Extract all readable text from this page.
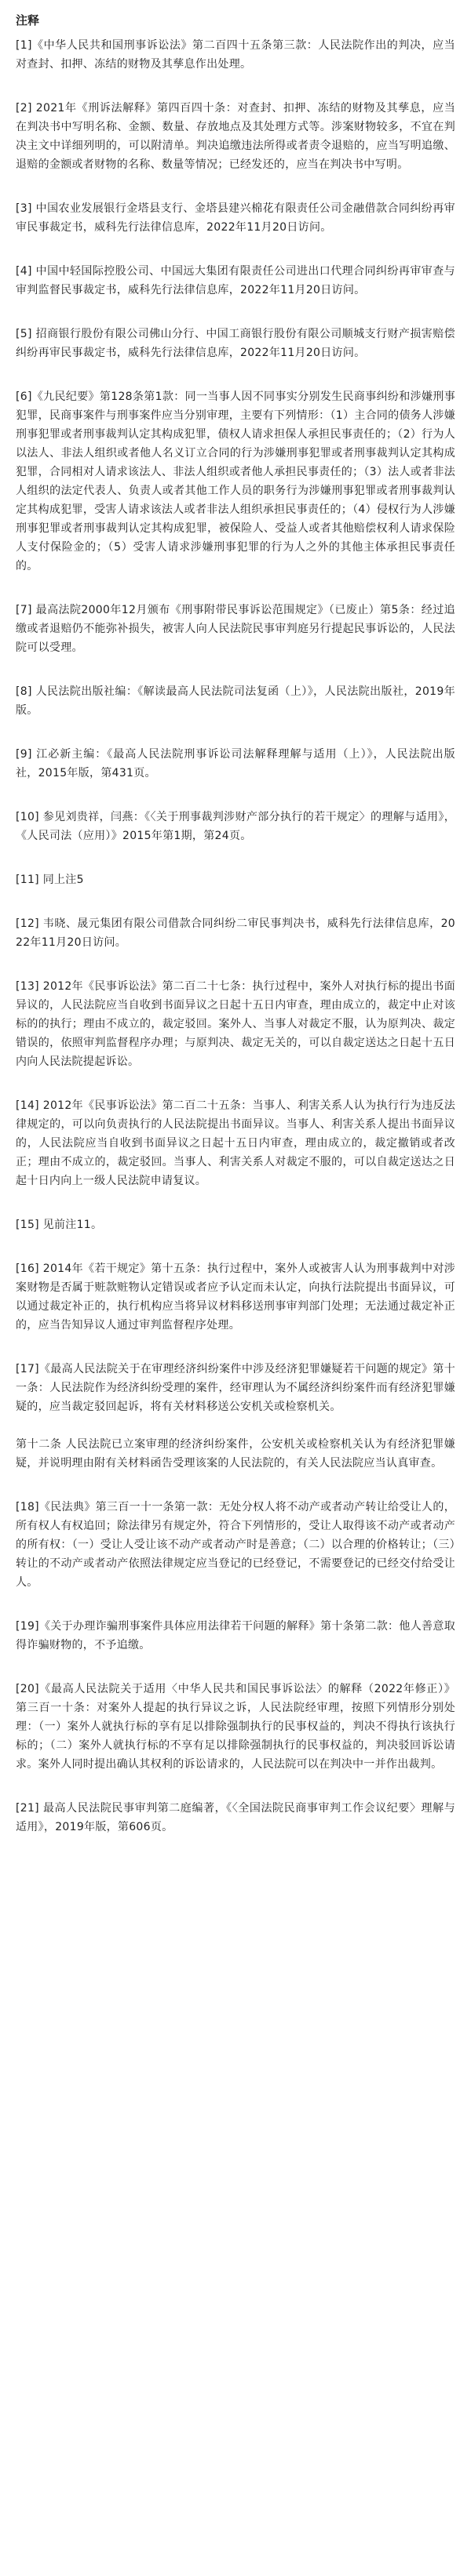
注释

[1]《中华人民共和国刑事诉讼法》第二百四十五条第三款：人民法院作出的判决，应当对查封、扣押、冻结的财物及其孳息作出处理。

[2] 2021年《刑诉法解释》第四百四十条：对查封、扣押、冻结的财物及其孳息，应当在判决书中写明名称、金额、数量、存放地点及其处理方式等。涉案财物较多，不宜在判决主文中详细列明的，可以附清单。判决追缴违法所得或者责令退赔的，应当写明追缴、退赔的金额或者财物的名称、数量等情况；已经发还的，应当在判决书中写明。

[3] 中国农业发展银行金塔县支行、金塔县建兴棉花有限责任公司金融借款合同纠纷再审审民事裁定书，威科先行法律信息库，2022年11月20日访问。

[4] 中国中轻国际控股公司、中国远大集团有限责任公司进出口代理合同纠纷再审审查与审判监督民事裁定书，威科先行法律信息库，2022年11月20日访问。

[5] 招商银行股份有限公司佛山分行、中国工商银行股份有限公司顺城支行财产损害赔偿纠纷再审民事裁定书，威科先行法律信息库，2022年11月20日访问。

[6]《九民纪要》第128条第1款：同一当事人因不同事实分别发生民商事纠纷和涉嫌刑事犯罪，民商事案件与刑事案件应当分别审理，主要有下列情形：（1）主合同的债务人涉嫌刑事犯罪或者刑事裁判认定其构成犯罪，债权人请求担保人承担民事责任的；（2）行为人以法人、非法人组织或者他人名义订立合同的行为涉嫌刑事犯罪或者刑事裁判认定其构成犯罪，合同相对人请求该法人、非法人组织或者他人承担民事责任的；（3）法人或者非法人组织的法定代表人、负责人或者其他工作人员的职务行为涉嫌刑事犯罪或者刑事裁判认定其构成犯罪，受害人请求该法人或者非法人组织承担民事责任的；（4）侵权行为人涉嫌刑事犯罪或者刑事裁判认定其构成犯罪，被保险人、受益人或者其他赔偿权利人请求保险人支付保险金的；（5）受害人请求涉嫌刑事犯罪的行为人之外的其他主体承担民事责任的。

[7] 最高法院2000年12月颁布《刑事附带民事诉讼范围规定》（已废止）第5条：经过追缴或者退赔仍不能弥补损失，被害人向人民法院民事审判庭另行提起民事诉讼的，人民法院可以受理。

[8] 人民法院出版社编：《解读最高人民法院司法复函（上）》，人民法院出版社，2019年版。

[9] 江必新主编：《最高人民法院刑事诉讼司法解释理解与适用（上）》，人民法院出版社，2015年版，第431页。

[10] 参见刘贵祥，闫燕：《〈关于刑事裁判涉财产部分执行的若干规定〉的理解与适用》，《人民司法（应用）》2015年第1期，第24页。

[11] 同上注5

[12] 韦晓、晟元集团有限公司借款合同纠纷二审民事判决书，威科先行法律信息库，2022年11月20日访问。

[13] 2012年《民事诉讼法》第二百二十七条：执行过程中，案外人对执行标的提出书面异议的，人民法院应当自收到书面异议之日起十五日内审查，理由成立的，裁定中止对该标的的执行；理由不成立的，裁定驳回。案外人、当事人对裁定不服，认为原判决、裁定错误的，依照审判监督程序办理；与原判决、裁定无关的，可以自裁定送达之日起十五日内向人民法院提起诉讼。

[14] 2012年《民事诉讼法》第二百二十五条：当事人、利害关系人认为执行行为违反法律规定的，可以向负责执行的人民法院提出书面异议。当事人、利害关系人提出书面异议的，人民法院应当自收到书面异议之日起十五日内审查，理由成立的，裁定撤销或者改正；理由不成立的，裁定驳回。当事人、利害关系人对裁定不服的，可以自裁定送达之日起十日内向上一级人民法院申请复议。

[15] 见前注11。

[16] 2014年《若干规定》第十五条：执行过程中，案外人或被害人认为刑事裁判中对涉案财物是否属于赃款赃物认定错误或者应予认定而未认定，向执行法院提出书面异议，可以通过裁定补正的，执行机构应当将异议材料移送刑事审判部门处理；无法通过裁定补正的，应当告知异议人通过审判监督程序处理。

[17]《最高人民法院关于在审理经济纠纷案件中涉及经济犯罪嫌疑若干问题的规定》第十一条：人民法院作为经济纠纷受理的案件，经审理认为不属经济纠纷案件而有经济犯罪嫌疑的，应当裁定驳回起诉，将有关材料移送公安机关或检察机关。

第十二条 人民法院已立案审理的经济纠纷案件，公安机关或检察机关认为有经济犯罪嫌疑，并说明理由附有关材料函告受理该案的人民法院的，有关人民法院应当认真审查。

[18]《民法典》第三百一十一条第一款：无处分权人将不动产或者动产转让给受让人的，所有权人有权追回；除法律另有规定外，符合下列情形的，受让人取得该不动产或者动产的所有权：（一）受让人受让该不动产或者动产时是善意；（二）以合理的价格转让；（三）转让的不动产或者动产依照法律规定应当登记的已经登记，不需要登记的已经交付给受让人。

[19]《关于办理诈骗刑事案件具体应用法律若干问题的解释》第十条第二款：他人善意取得诈骗财物的，不予追缴。

[20]《最高人民法院关于适用〈中华人民共和国民事诉讼法〉的解释（2022年修正）》第三百一十条：对案外人提起的执行异议之诉，人民法院经审理，按照下列情形分别处理：（一）案外人就执行标的享有足以排除强制执行的民事权益的，判决不得执行该执行标的；（二）案外人就执行标的不享有足以排除强制执行的民事权益的，判决驳回诉讼请求。案外人同时提出确认其权利的诉讼请求的，人民法院可以在判决中一并作出裁判。

[21] 最高人民法院民事审判第二庭编著，《〈全国法院民商事审判工作会议纪要〉理解与适用》，2019年版，第606页。
